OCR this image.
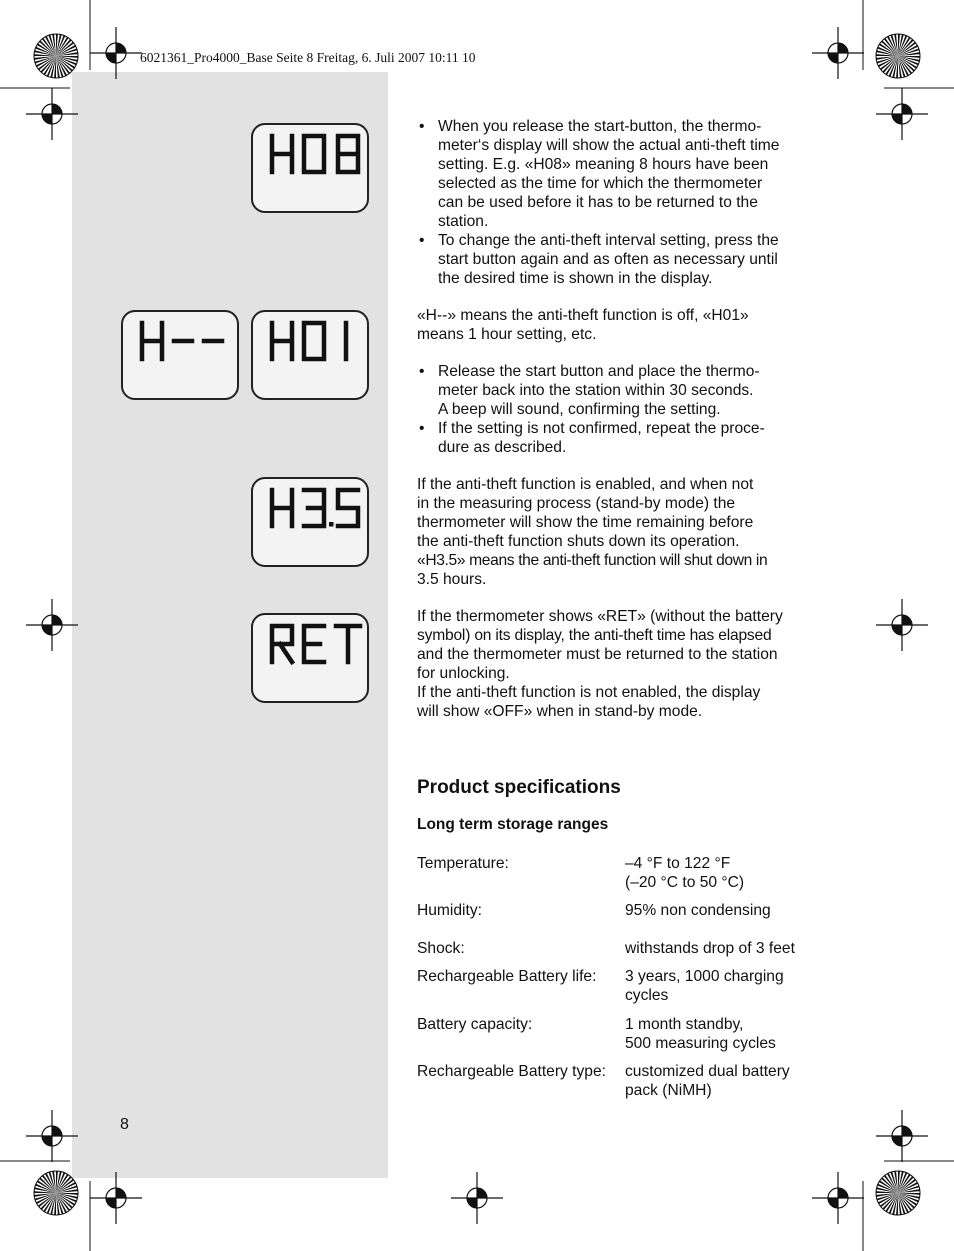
6021361_Pro4000_Base Seite 8 Freitag, 6. Juli 2007 10:11 10
• When you release the start-button, the thermo-
meter‘s display will show the actual anti-theft time
setting. E.g. «H08» meaning 8 hours have been
selected as the time for which the thermometer
can be used before it has to be returned to the
station.
• To change the anti-theft interval setting, press the
start button again and as often as necessary until
the desired time is shown in the display.
«H--» means the anti-theft function is off, «H01»
means 1 hour setting, etc.
• Release the start button and place the thermo-
meter back into the station within 30 seconds.
A beep will sound, confirming the setting.
• If the setting is not confirmed, repeat the proce-
dure as described.
If the anti-theft function is enabled, and when not
in the measuring process (stand-by mode) the
thermometer will show the time remaining before
the anti-theft function shuts down its operation.
«H3.5» means the anti-theft function will shut down in
3.5 hours.
If the thermometer shows «RET» (without the battery
symbol) on its display, the anti-theft time has elapsed
and the thermometer must be returned to the station
for unlocking.
If the anti-theft function is not enabled, the display
will show «OFF» when in stand-by mode.
Product specifications
Long term storage ranges
Temperature:	–4 °F to 122 °F
(–20 °C to 50 °C)
Humidity:	95% non condensing
Shock:	withstands drop of 3 feet
Rechargeable Battery life: 3 years, 1000 charging
cycles
Battery capacity:	1 month standby,
500 measuring cycles
Rechargeable Battery type: customized dual battery
pack (NiMH)
8
